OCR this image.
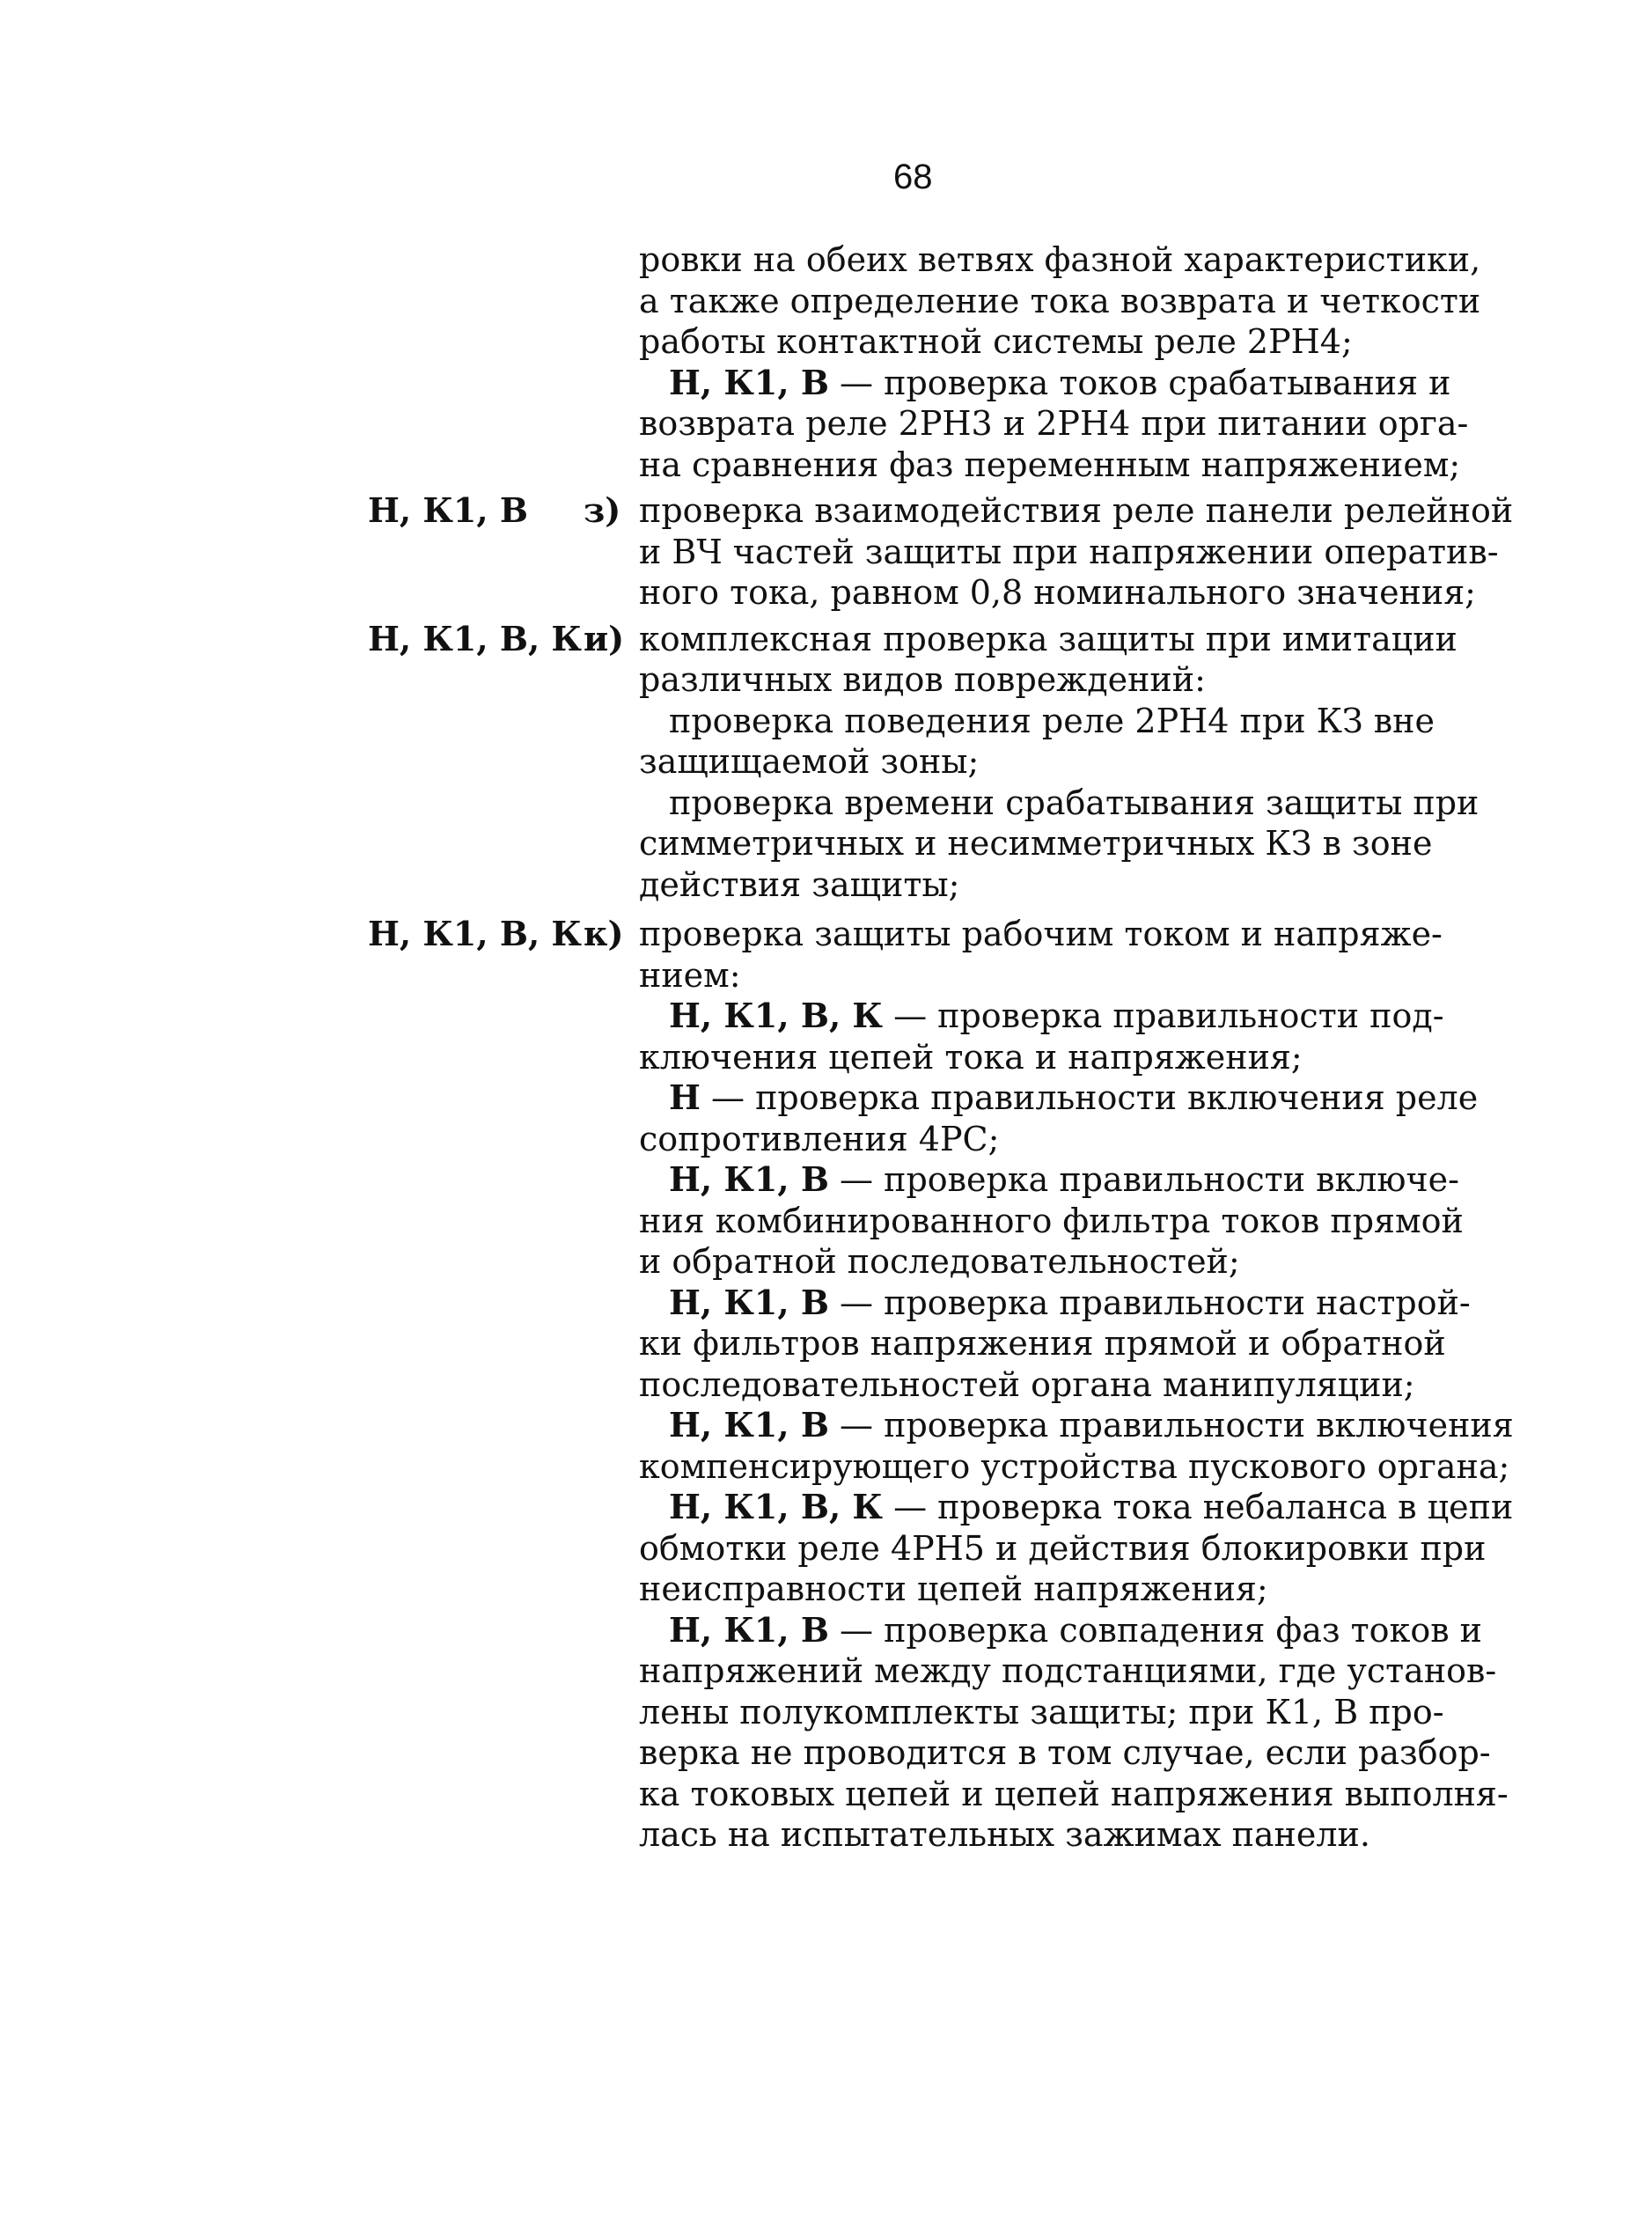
68
ровки на обеих ветвях фазной характеристики,
а также определение тока возврата и четкости
работы контактной системы реле 2РН4;
Н, К1, В — проверка токов срабатывания и
возврата реле 2РН3 и 2РН4 при питании орга-
на сравнения фаз переменным напряжением;
Н, К1, В з) проверка взаимодействия реле панели релейной
и ВЧ частей защиты при напряжении оператив-
ного тока, равном 0,8 номинального значения;
Н, К1, В, К и) комплексная проверка защиты при имитации
различных видов повреждений:
проверка поведения реле 2РН4 при КЗ вне
защищаемой зоны;
проверка времени срабатывания защиты при
симметричных и несимметричных КЗ в зоне
действия защиты;
Н, К1, В, К к) проверка защиты рабочим током и напряже-
нием:
Н, К1, В, К — проверка правильности под-
ключения цепей тока и напряжения;
Н — проверка правильности включения реле
сопротивления 4РС;
Н, К1, В — проверка правильности включе-
ния комбинированного фильтра токов прямой
и обратной последовательностей;
Н, К1, В — проверка правильности настрой-
ки фильтров напряжения прямой и обратной
последовательностей органа манипуляции;
Н, К1, В — проверка правильности включения
компенсирующего устройства пускового органа;
Н, К1, В, К — проверка тока небаланса в цепи
обмотки реле 4РН5 и действия блокировки при
неисправности цепей напряжения;
Н, К1, В — проверка совпадения фаз токов и
напряжений между подстанциями, где установ-
лены полукомплекты защиты; при К1, В про-
верка не проводится в том случае, если разбор-
ка токовых цепей и цепей напряжения выполня-
лась на испытательных зажимах панели.
